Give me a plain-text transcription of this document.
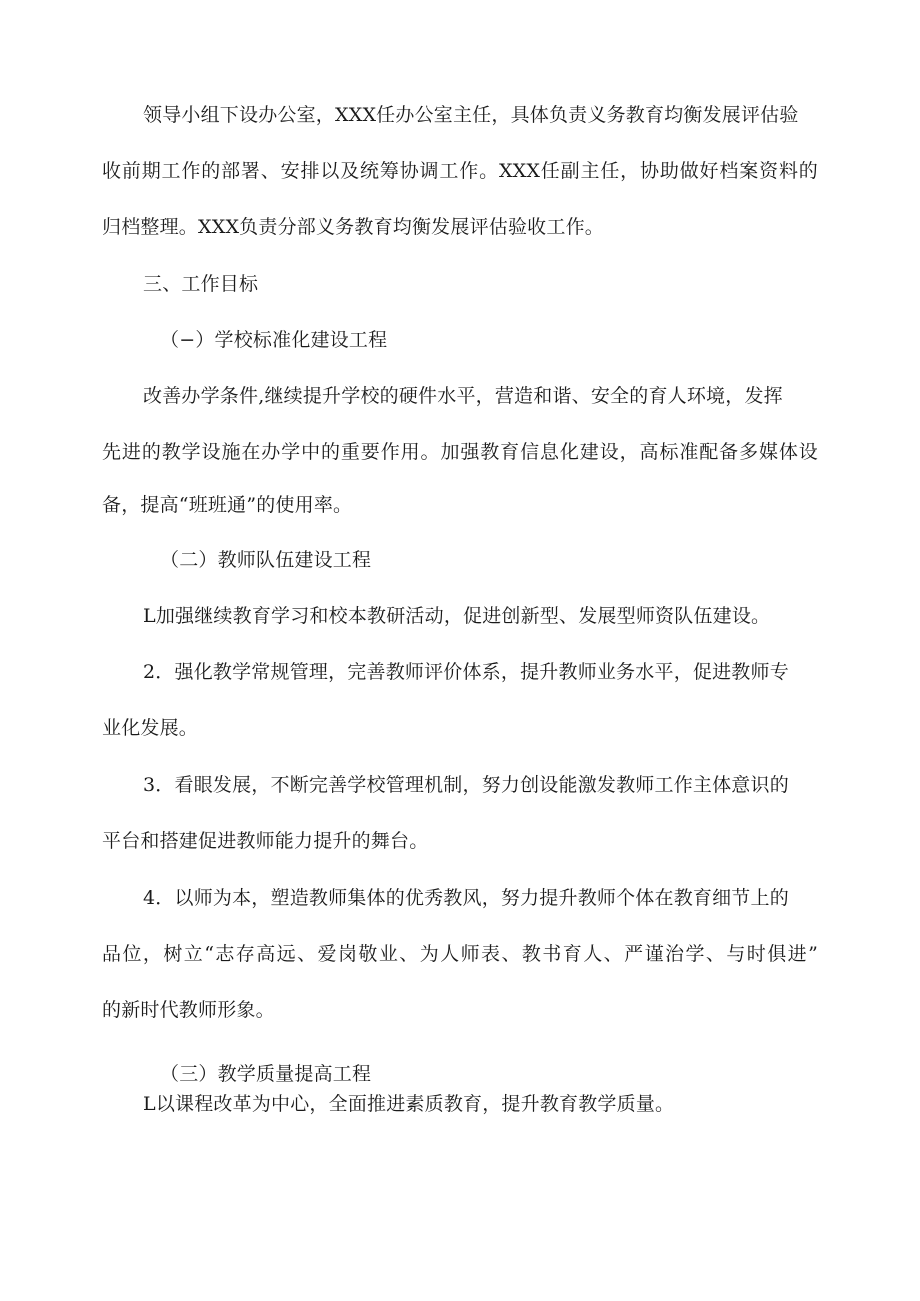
领导小组下设办公室，XXX任办公室主任，具体负责义务教育均衡发展评估验

收前期工作的部署、安排以及统筹协调工作。XXX任副主任，协助做好档案资料的

归档整理。XXX负责分部义务教育均衡发展评估验收工作。

三、工作目标

（−）学校标准化建设工程

改善办学条件,继续提升学校的硬件水平，营造和谐、安全的育人环境，发挥

先进的教学设施在办学中的重要作用。加强教育信息化建设，高标准配备多媒体设

备，提高“班班通”的使用率。

（二）教师队伍建设工程

L加强继续教育学习和校本教研活动，促进创新型、发展型师资队伍建设。

2．强化教学常规管理，完善教师评价体系，提升教师业务水平，促进教师专

业化发展。

3．看眼发展，不断完善学校管理机制，努力创设能激发教师工作主体意识的

平台和搭建促进教师能力提升的舞台。

4．以师为本，塑造教师集体的优秀教风，努力提升教师个体在教育细节上的

品位，树立“志存高远、爱岗敬业、为人师表、教书育人、严谨治学、与时俱进”

的新时代教师形象。

（三）教学质量提高工程

L以课程改革为中心，全面推进素质教育，提升教育教学质量。
